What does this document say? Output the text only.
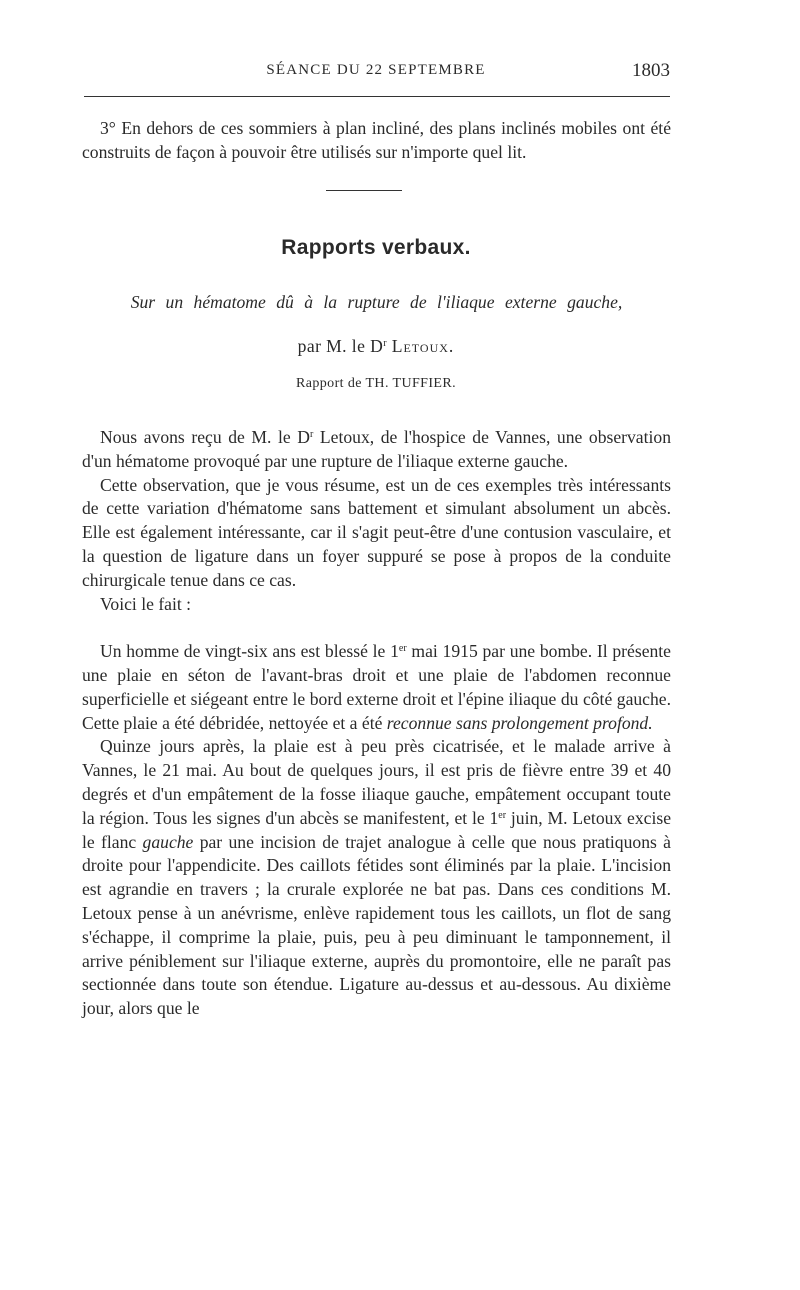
SÉANCE DU 22 SEPTEMBRE	1803

3° En dehors de ces sommiers à plan incliné, des plans inclinés mobiles ont été construits de façon à pouvoir être utilisés sur n'importe quel lit.

Rapports verbaux.
Sur un hématome dû à la rupture de l'iliaque externe gauche,
par M. le $D^r$ Letoux.
Rapport de TH. TUFFIER.

Nous avons reçu de M. le $D^r$ Letoux, de l'hospice de Vannes, une observation d'un hématome provoqué par une rupture de l'iliaque externe gauche.

Cette observation, que je vous résume, est un de ces exemples très intéressants de cette variation d'hématome sans battement et simulant absolument un abcès. Elle est également intéressante, car il s'agit peut-être d'une contusion vasculaire, et la question de ligature dans un foyer suppuré se pose à propos de la conduite chirurgicale tenue dans ce cas.

Voici le fait :

Un homme de vingt-six ans est blessé le 1er mai 1915 par une bombe. Il présente une plaie en séton de l'avant-bras droit et une plaie de l'abdomen reconnue superficielle et siégeant entre le bord externe droit et l'épine iliaque du côté gauche. Cette plaie a été débridée, nettoyée et a été reconnue sans prolongement profond.

Quinze jours après, la plaie est à peu près cicatrisée, et le malade arrive à Vannes, le 21 mai. Au bout de quelques jours, il est pris de fièvre entre 39 et 40 degrés et d'un empâtement de la fosse iliaque gauche, empâtement occupant toute la région. Tous les signes d'un abcès se manifestent, et le 1er juin, M. Letoux excise le flanc gauche par une incision de trajet analogue à celle que nous pratiquons à droite pour l'appendicite. Des caillots fétides sont éliminés par la plaie. L'incision est agrandie en travers ; la crurale explorée ne bat pas. Dans ces conditions M. Letoux pense à un anévrisme, enlève rapidement tous les caillots, un flot de sang s'échappe, il comprime la plaie, puis, peu à peu diminuant le tamponnement, il arrive péniblement sur l'iliaque externe, auprès du promontoire, elle ne paraît pas sectionnée dans toute son étendue. Ligature au-dessus et au-dessous. Au dixième jour, alors que le
